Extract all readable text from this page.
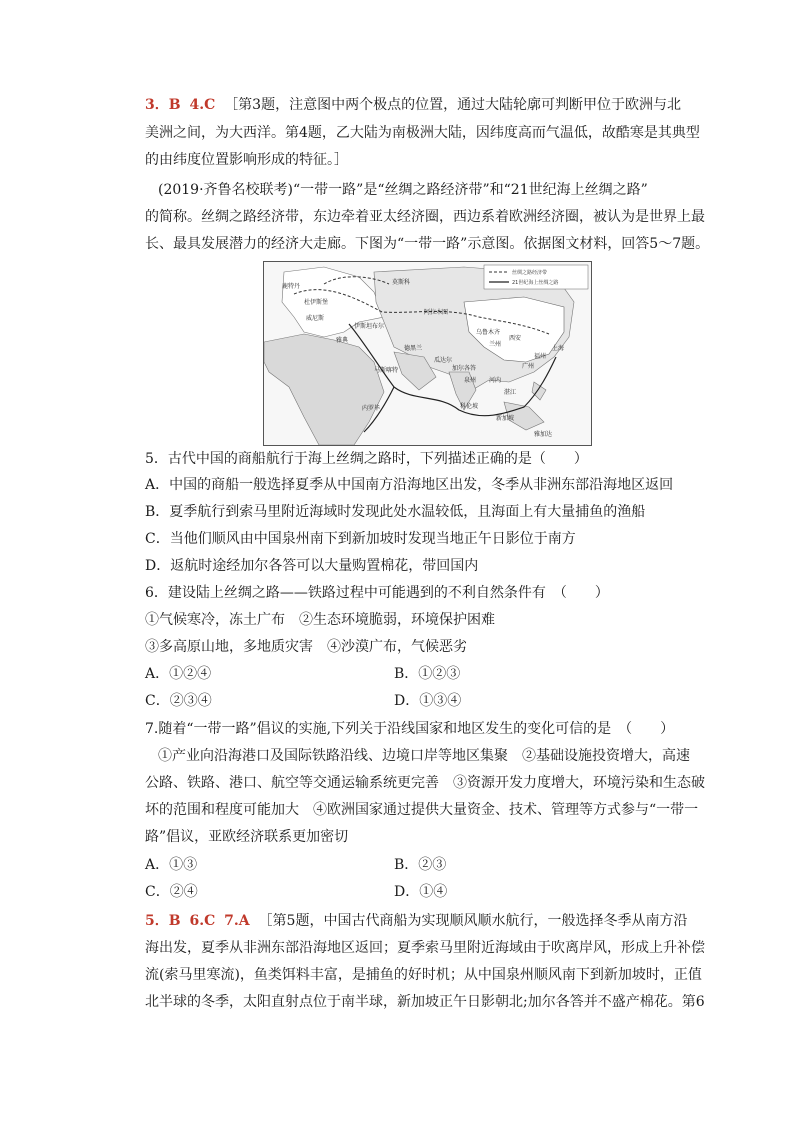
3．B 4.C ［第3题，注意图中两个极点的位置，通过大陆轮廓可判断甲位于欧洲与北
美洲之间，为大西洋。第4题，乙大陆为南极洲大陆，因纬度高而气温低，故酷寒是其典型
的由纬度位置影响形成的特征。］
(2019·齐鲁名校联考)“一带一路”是“丝绸之路经济带”和“21世纪海上丝绸之路”
的简称。丝绸之路经济带，东边牵着亚太经济圈，西边系着欧洲经济圈，被认为是世界上最
长、最具发展潜力的经济大走廊。下图为“一带一路”示意图。依据图文材料，回答5～7题。
丝绸之路经济带
21世纪海上丝绸之路
莫斯科
鹿特丹
杜伊斯堡
威尼斯
雅典
伊斯坦布尔
德黑兰
乌鲁木齐
阿拉木图
西安
兰州
福州
上海
广州
瓜达尔
加尔各答
河内
马斯喀特
内罗毕	科伦坡
新加坡
雅加达
湛江
泉州
5．古代中国的商船航行于海上丝绸之路时，下列描述正确的是（　　）
A．中国的商船一般选择夏季从中国南方沿海地区出发，冬季从非洲东部沿海地区返回
B．夏季航行到索马里附近海域时发现此处水温较低，且海面上有大量捕鱼的渔船
C．当他们顺风由中国泉州南下到新加坡时发现当地正午日影位于南方
D．返航时途经加尔各答可以大量购置棉花，带回国内
6．建设陆上丝绸之路——铁路过程中可能遇到的不利自然条件有　（　　）
①气候寒冷，冻土广布　②生态环境脆弱，环境保护困难
③多高原山地，多地质灾害　④沙漠广布，气候恶劣
A．①②④	B．①②③
C．②③④	D．①③④
7.随着“一带一路”倡议的实施,下列关于沿线国家和地区发生的变化可信的是　（　　）
①产业向沿海港口及国际铁路沿线、边境口岸等地区集聚　②基础设施投资增大，高速
公路、铁路、港口、航空等交通运输系统更完善　③资源开发力度增大，环境污染和生态破
坏的范围和程度可能加大　④欧洲国家通过提供大量资金、技术、管理等方式参与“一带一
路”倡议，亚欧经济联系更加密切
A．①③	B．②③
C．②④	D．①④
5．B 6.C 7.A ［第5题，中国古代商船为实现顺风顺水航行，一般选择冬季从南方沿
海出发，夏季从非洲东部沿海地区返回；夏季索马里附近海域由于吹离岸风，形成上升补偿
流(索马里寒流)，鱼类饵料丰富，是捕鱼的好时机；从中国泉州顺风南下到新加坡时，正值
北半球的冬季，太阳直射点位于南半球，新加坡正午日影朝北;加尔各答并不盛产棉花。第6
